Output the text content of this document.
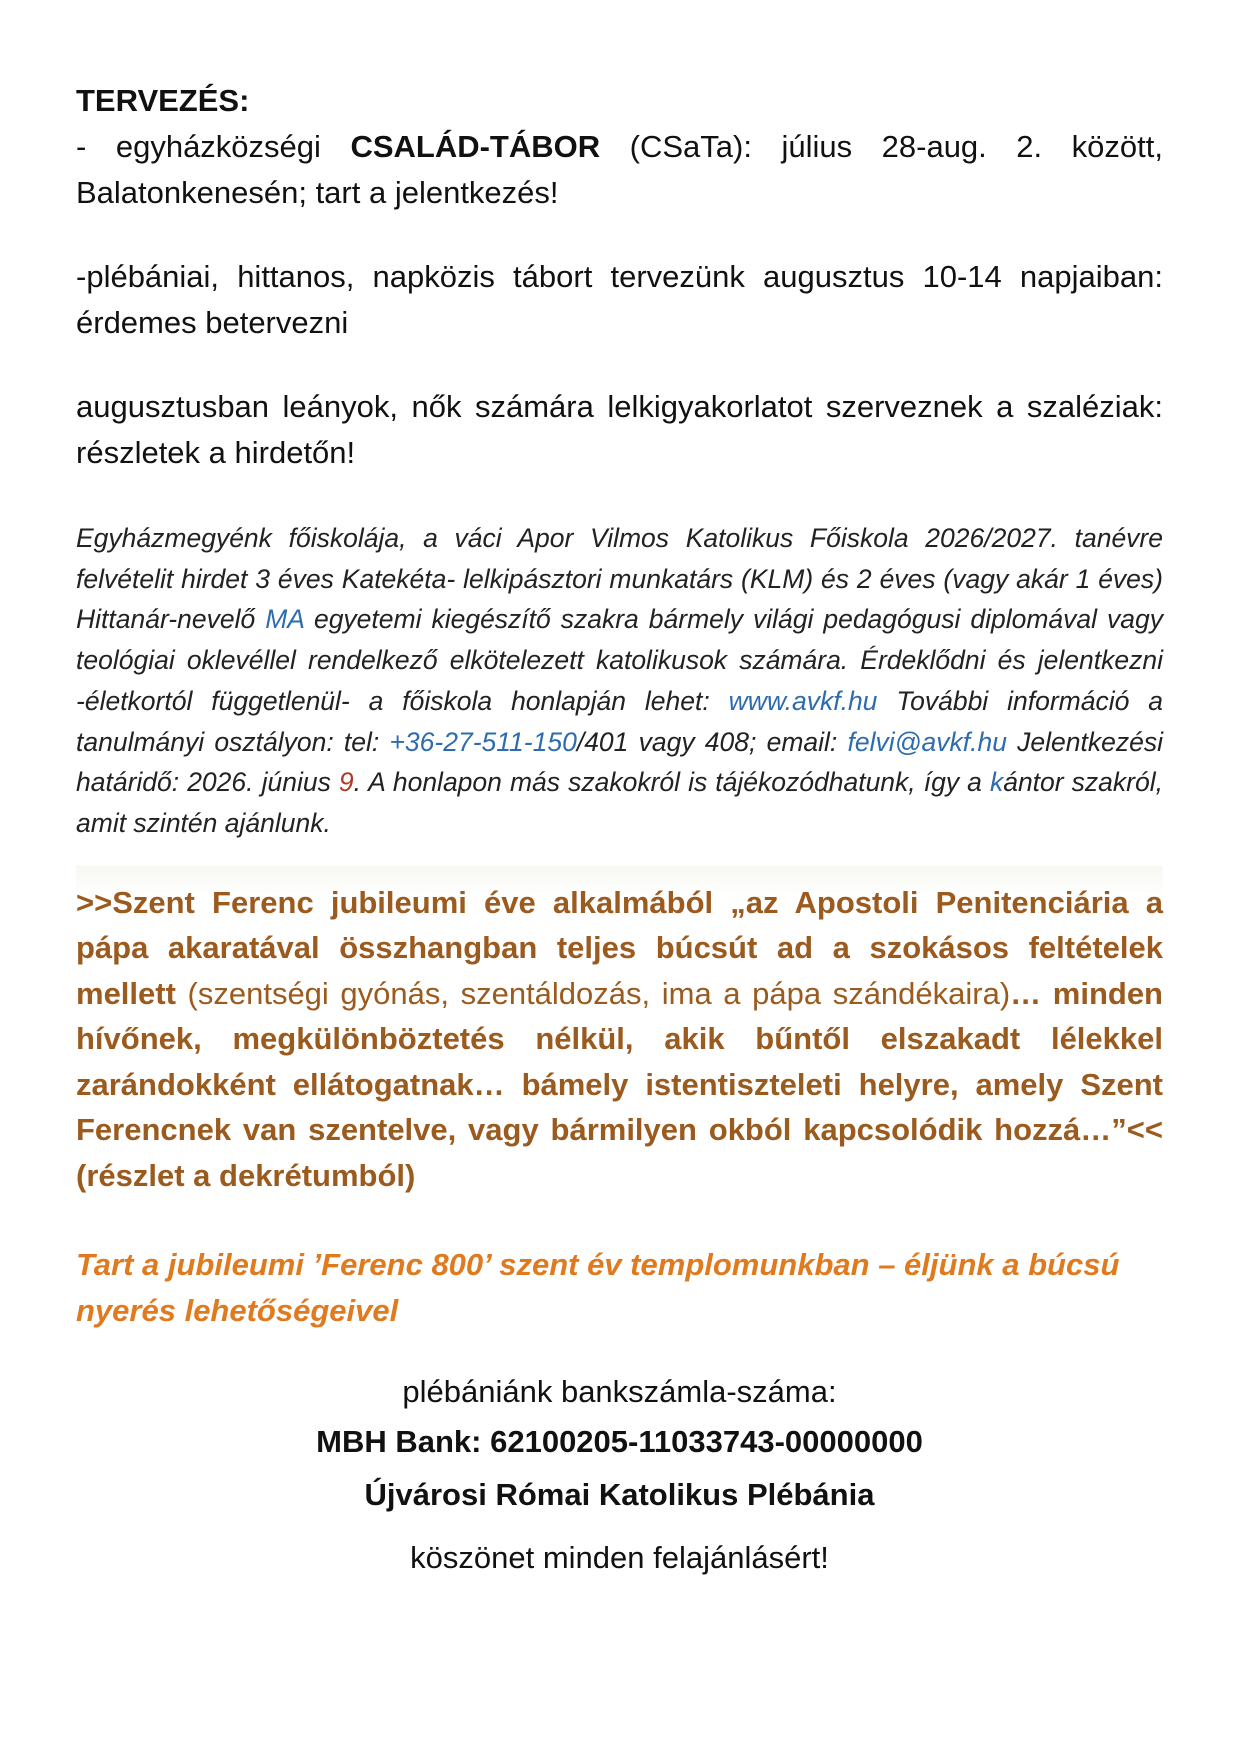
TERVEZÉS:

- egyházközségi CSALÁD-TÁBOR (CSaTa): július 28-aug. 2. között, Balatonkenesén; tart a jelentkezés!

-plébániai, hittanos, napközis tábort tervezünk augusztus 10-14 napjaiban: érdemes betervezni

augusztusban leányok, nők számára lelkigyakorlatot szerveznek a szaléziak: részletek a hirdetőn!

Egyházmegyénk főiskolája, a váci Apor Vilmos Katolikus Főiskola 2026/2027. tanévre felvételit hirdet 3 éves Katekéta- lelkipásztori munkatárs (KLM) és 2 éves (vagy akár 1 éves) Hittanár-nevelő MA egyetemi kiegészítő szakra bármely világi pedagógusi diplomával vagy teológiai oklevéllel rendelkező elkötelezett katolikusok számára. Érdeklődni és jelentkezni -életkortól függetlenül- a főiskola honlapján lehet: www.avkf.hu További információ a tanulmányi osztályon: tel: +36-27-511-150/401 vagy 408; email: felvi@avkf.hu Jelentkezési határidő: 2026. június 9. A honlapon más szakokról is tájékozódhatunk, így a kántor szakról, amit szintén ajánlunk.

>>Szent Ferenc jubileumi éve alkalmából „az Apostoli Penitenciária a pápa akaratával összhangban teljes búcsút ad a szokásos feltételek mellett (szentségi gyónás, szentáldozás, ima a pápa szándékaira)… minden hívőnek, megkülönböztetés nélkül, akik bűntől elszakadt lélekkel zarándokként ellátogatnak… bámely istentiszteleti helyre, amely Szent Ferencnek van szentelve, vagy bármilyen okból kapcsolódik hozzá…”<< (részlet a dekrétumból)

Tart a jubileumi ’Ferenc 800’ szent év templomunkban – éljünk a búcsú nyerés lehetőségeivel

plébániánk bankszámla-száma:

MBH Bank: 62100205-11033743-00000000

Újvárosi Római Katolikus Plébánia

köszönet minden felajánlásért!
